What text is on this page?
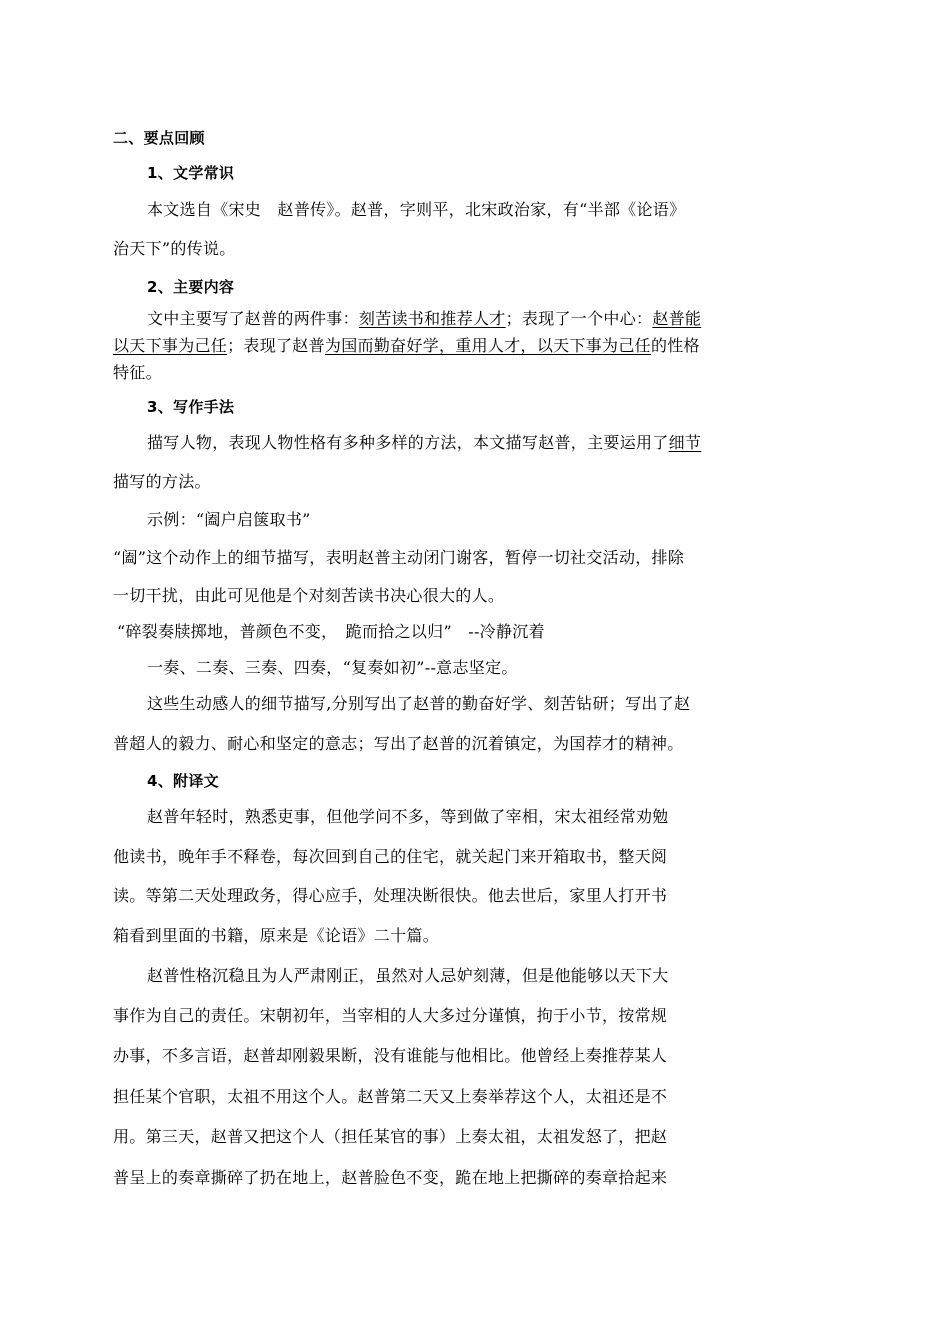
二、要点回顾

1、文学常识

本文选自《宋史　赵普传》。赵普，字则平，北宋政治家，有“半部《论语》

治天下”的传说。

2、主要内容

文中主要写了赵普的两件事：刻苦读书和推荐人才；表现了一个中心：赵普能

以天下事为己任；表现了赵普为国而勤奋好学，重用人才，以天下事为己任的性格

特征。

3、写作手法

描写人物，表现人物性格有多种多样的方法，本文描写赵普，主要运用了细节

描写的方法。

示例：“阖户启箧取书”

“阖”这个动作上的细节描写，表明赵普主动闭门谢客，暂停一切社交活动，排除

一切干扰，由此可见他是个对刻苦读书决心很大的人。

“碎裂奏牍掷地，普颜色不变，　跪而拾之以归”　--冷静沉着

一奏、二奏、三奏、四奏，“复奏如初”--意志坚定。

这些生动感人的细节描写,分别写出了赵普的勤奋好学、刻苦钻研；写出了赵

普超人的毅力、耐心和坚定的意志；写出了赵普的沉着镇定，为国荐才的精神。

4、附译文

赵普年轻时，熟悉吏事，但他学问不多，等到做了宰相，宋太祖经常劝勉

他读书，晚年手不释卷，每次回到自己的住宅，就关起门来开箱取书，整天阅

读。等第二天处理政务，得心应手，处理决断很快。他去世后，家里人打开书

箱看到里面的书籍，原来是《论语》二十篇。

赵普性格沉稳且为人严肃刚正，虽然对人忌妒刻薄，但是他能够以天下大

事作为自己的责任。宋朝初年，当宰相的人大多过分谨慎，拘于小节，按常规

办事，不多言语，赵普却刚毅果断，没有谁能与他相比。他曾经上奏推荐某人

担任某个官职，太祖不用这个人。赵普第二天又上奏举荐这个人，太祖还是不

用。第三天，赵普又把这个人（担任某官的事）上奏太祖，太祖发怒了，把赵

普呈上的奏章撕碎了扔在地上，赵普脸色不变，跪在地上把撕碎的奏章拾起来
